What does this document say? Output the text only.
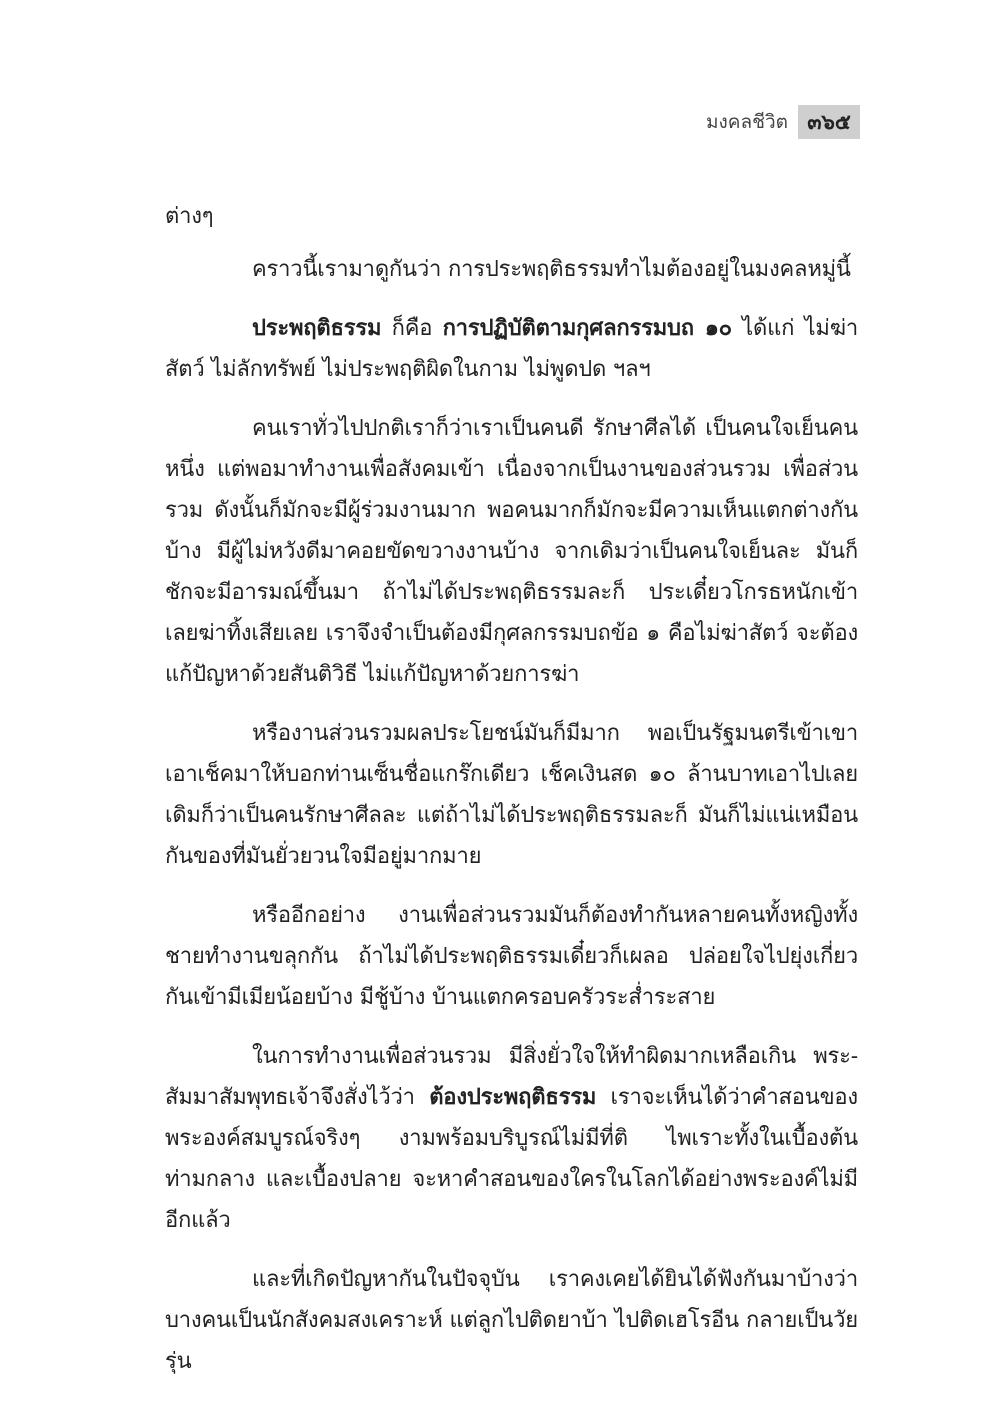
มงคลชีวิต ๓๖๕

ต่างๆ

คราวนี้เรามาดูกันว่า การประพฤติธรรมทำไมต้องอยู่ในมงคลหมู่นี้

ประพฤติธรรม ก็คือ การปฏิบัติตามกุศลกรรมบถ ๑๐ ได้แก่ ไม่ฆ่าสัตว์ ไม่ลักทรัพย์ ไม่ประพฤติผิดในกาม ไม่พูดปด ฯลฯ

คนเราทั่วไปปกติเราก็ว่าเราเป็นคนดี รักษาศีลได้ เป็นคนใจเย็นคนหนึ่ง แต่พอมาทำงานเพื่อสังคมเข้า เนื่องจากเป็นงานของส่วนรวม เพื่อส่วนรวม ดังนั้นก็มักจะมีผู้ร่วมงานมาก พอคนมากก็มักจะมีความเห็นแตกต่างกันบ้าง มีผู้ไม่หวังดีมาคอยขัดขวางงานบ้าง จากเดิมว่าเป็นคนใจเย็นละ มันก็ชักจะมีอารมณ์ขึ้นมา ถ้าไม่ได้ประพฤติธรรมละก็ ประเดี๋ยวโกรธหนักเข้า เลยฆ่าทิ้งเสียเลย เราจึงจำเป็นต้องมีกุศลกรรมบถข้อ ๑ คือไม่ฆ่าสัตว์ จะต้องแก้ปัญหาด้วยสันติวิธี ไม่แก้ปัญหาด้วยการฆ่า

หรืองานส่วนรวมผลประโยชน์มันก็มีมาก พอเป็นรัฐมนตรีเข้าเขาเอาเช็คมาให้บอกท่านเซ็นชื่อแกร๊กเดียว เช็คเงินสด ๑๐ ล้านบาทเอาไปเลย เดิมก็ว่าเป็นคนรักษาศีลละ แต่ถ้าไม่ได้ประพฤติธรรมละก็ มันก็ไม่แน่เหมือนกันของที่มันยั่วยวนใจมีอยู่มากมาย

หรืออีกอย่าง งานเพื่อส่วนรวมมันก็ต้องทำกันหลายคนทั้งหญิงทั้งชายทำงานขลุกกัน ถ้าไม่ได้ประพฤติธรรมเดี๋ยวก็เผลอ ปล่อยใจไปยุ่งเกี่ยวกันเข้ามีเมียน้อยบ้าง มีชู้บ้าง บ้านแตกครอบครัวระส่ำระสาย

ในการทำงานเพื่อส่วนรวม มีสิ่งยั่วใจให้ทำผิดมากเหลือเกิน พระ-สัมมาสัมพุทธเจ้าจึงสั่งไว้ว่า ต้องประพฤติธรรม เราจะเห็นได้ว่าคำสอนของพระองค์สมบูรณ์จริงๆ งามพร้อมบริบูรณ์ไม่มีที่ติ ไพเราะทั้งในเบื้องต้น ท่ามกลาง และเบื้องปลาย จะหาคำสอนของใครในโลกได้อย่างพระองค์ไม่มีอีกแล้ว

และที่เกิดปัญหากันในปัจจุบัน เราคงเคยได้ยินได้ฟังกันมาบ้างว่า บางคนเป็นนักสังคมสงเคราะห์ แต่ลูกไปติดยาบ้า ไปติดเฮโรอีน กลายเป็นวัยรุ่น
